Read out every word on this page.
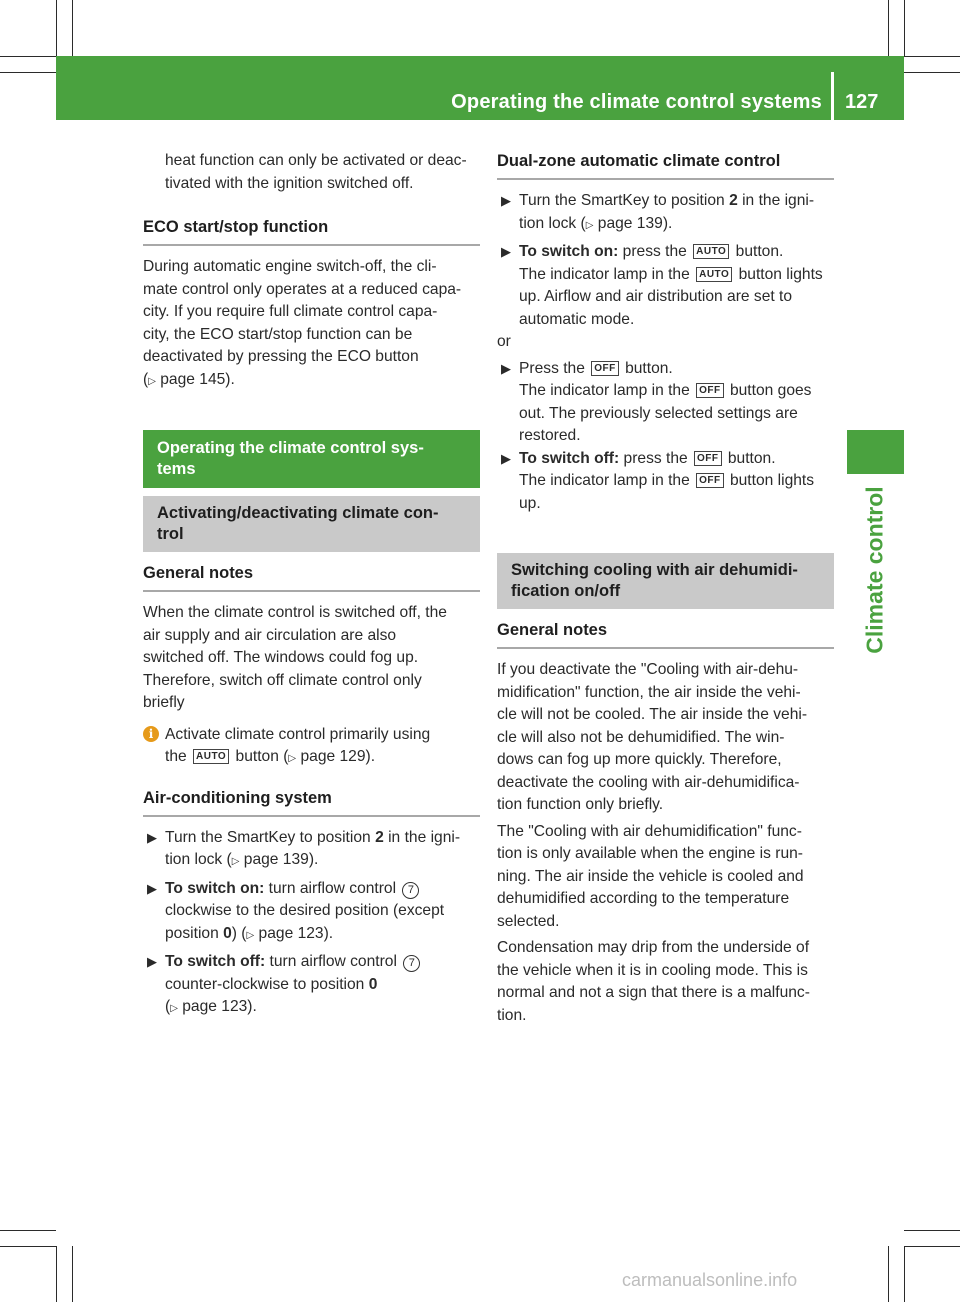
Operating the climate control systems 127
Climate control

heat function can only be activated or deac-

tivated with the ignition switched off.

ECO start/stop function

During automatic engine switch-off, the cli-

mate control only operates at a reduced capa-

city. If you require full climate control capa-

city, the ECO start/stop function can be

deactivated by pressing the ECO button

(▷ page 145).

Operating the climate control sys-
tems
Activating/deactivating climate con-
trol
General notes

When the climate control is switched off, the

air supply and air circulation are also

switched off. The windows could fog up.

Therefore, switch off climate control only

briefly

i Activate climate control primarily using

the AUTO button (▷ page 129).

Air-conditioning system
▶ Turn the SmartKey to position 2 in the igni-

tion lock (▷ page 139).

▶ To switch on: turn airflow control 7

clockwise to the desired position (except

position 0) (▷ page 123).

▶ To switch off: turn airflow control 7

counter-clockwise to position 0

(▷ page 123).

Dual-zone automatic climate control
▶ Turn the SmartKey to position 2 in the igni-

tion lock (▷ page 139).

▶ To switch on: press the AUTO button.

The indicator lamp in the AUTO button lights

up. Airflow and air distribution are set to

automatic mode.

or

▶ Press the OFF button.

The indicator lamp in the OFF button goes

out. The previously selected settings are

restored.

▶ To switch off: press the OFF button.

The indicator lamp in the OFF button lights

up.

Switching cooling with air dehumidi-
fication on/off
General notes

If you deactivate the "Cooling with air-dehu-

midification" function, the air inside the vehi-

cle will not be cooled. The air inside the vehi-

cle will also not be dehumidified. The win-

dows can fog up more quickly. Therefore,

deactivate the cooling with air-dehumidifica-

tion function only briefly.

The "Cooling with air dehumidification" func-

tion is only available when the engine is run-

ning. The air inside the vehicle is cooled and

dehumidified according to the temperature

selected.

Condensation may drip from the underside of

the vehicle when it is in cooling mode. This is

normal and not a sign that there is a malfunc-

tion.

carmanualsonline.info
